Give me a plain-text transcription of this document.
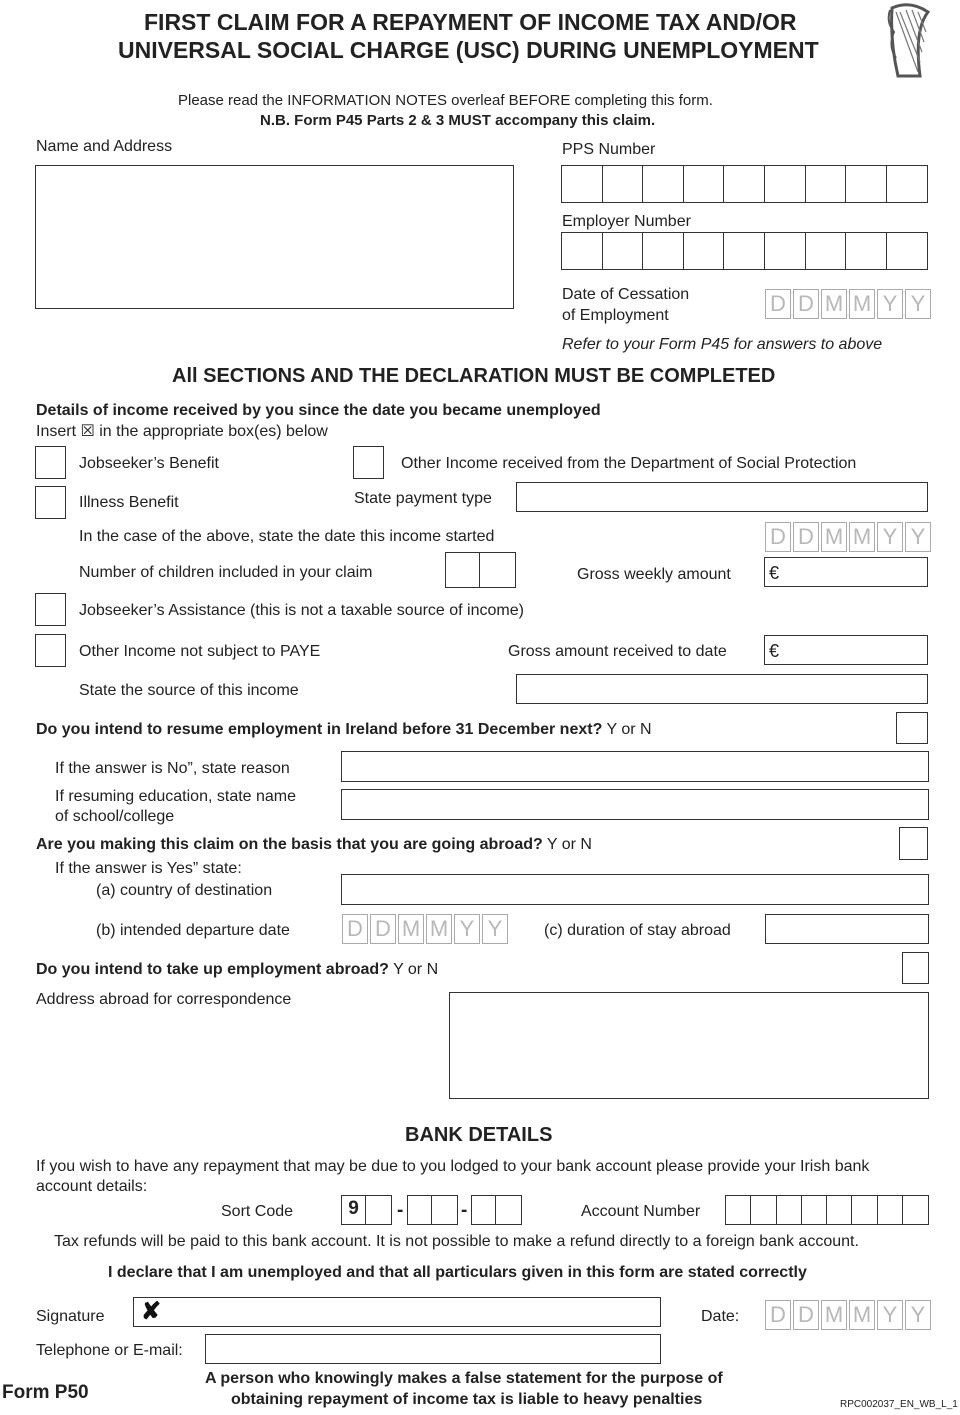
FIRST CLAIM FOR A REPAYMENT OF INCOME TAX AND/OR
UNIVERSAL SOCIAL CHARGE (USC) DURING UNEMPLOYMENT
Please read the INFORMATION NOTES overleaf BEFORE completing this form.
N.B. Form P45 Parts 2 & 3 MUST accompany this claim.
Name and Address	PPS Number
Employer Number
Date of Cessation
of Employment	D D M M Y Y
Refer to your Form P45 for answers to above
All SECTIONS AND THE DECLARATION MUST BE COMPLETED
Details of income received by you since the date you became unemployed
Insert ☒ in the appropriate box(es) below
Jobseeker’s Benefit	Other Income received from the Department of Social Protection
Illness Benefit	State payment type
In the case of the above, state the date this income started	D D M M Y Y
Number of children included in your claim	Gross weekly amount €
Jobseeker’s Assistance (this is not a taxable source of income)
Other Income not subject to PAYE	Gross amount received to date €
State the source of this income
Do you intend to resume employment in Ireland before 31 December next? Y or N
If the answer is No”, state reason
If resuming education, state name
of school/college
Are you making this claim on the basis that you are going abroad? Y or N
If the answer is Yes” state:
(a) country of destination
(b) intended departure date	D D M M Y Y	(c) duration of stay abroad
Do you intend to take up employment abroad? Y or N
Address abroad for correspondence
BANK DETAILS
If you wish to have any repayment that may be due to you lodged to your bank account please provide your Irish bank
account details:
Sort Code	9	-	-	Account Number
Tax refunds will be paid to this bank account. It is not possible to make a refund directly to a foreign bank account.
I declare that I am unemployed and that all particulars given in this form are stated correctly
Signature ✘	Date: D D M M Y Y
Telephone or E-mail:
Form P50
A person who knowingly makes a false statement for the purpose of
obtaining repayment of income tax is liable to heavy penalties	RPC002037_EN_WB_L_1
